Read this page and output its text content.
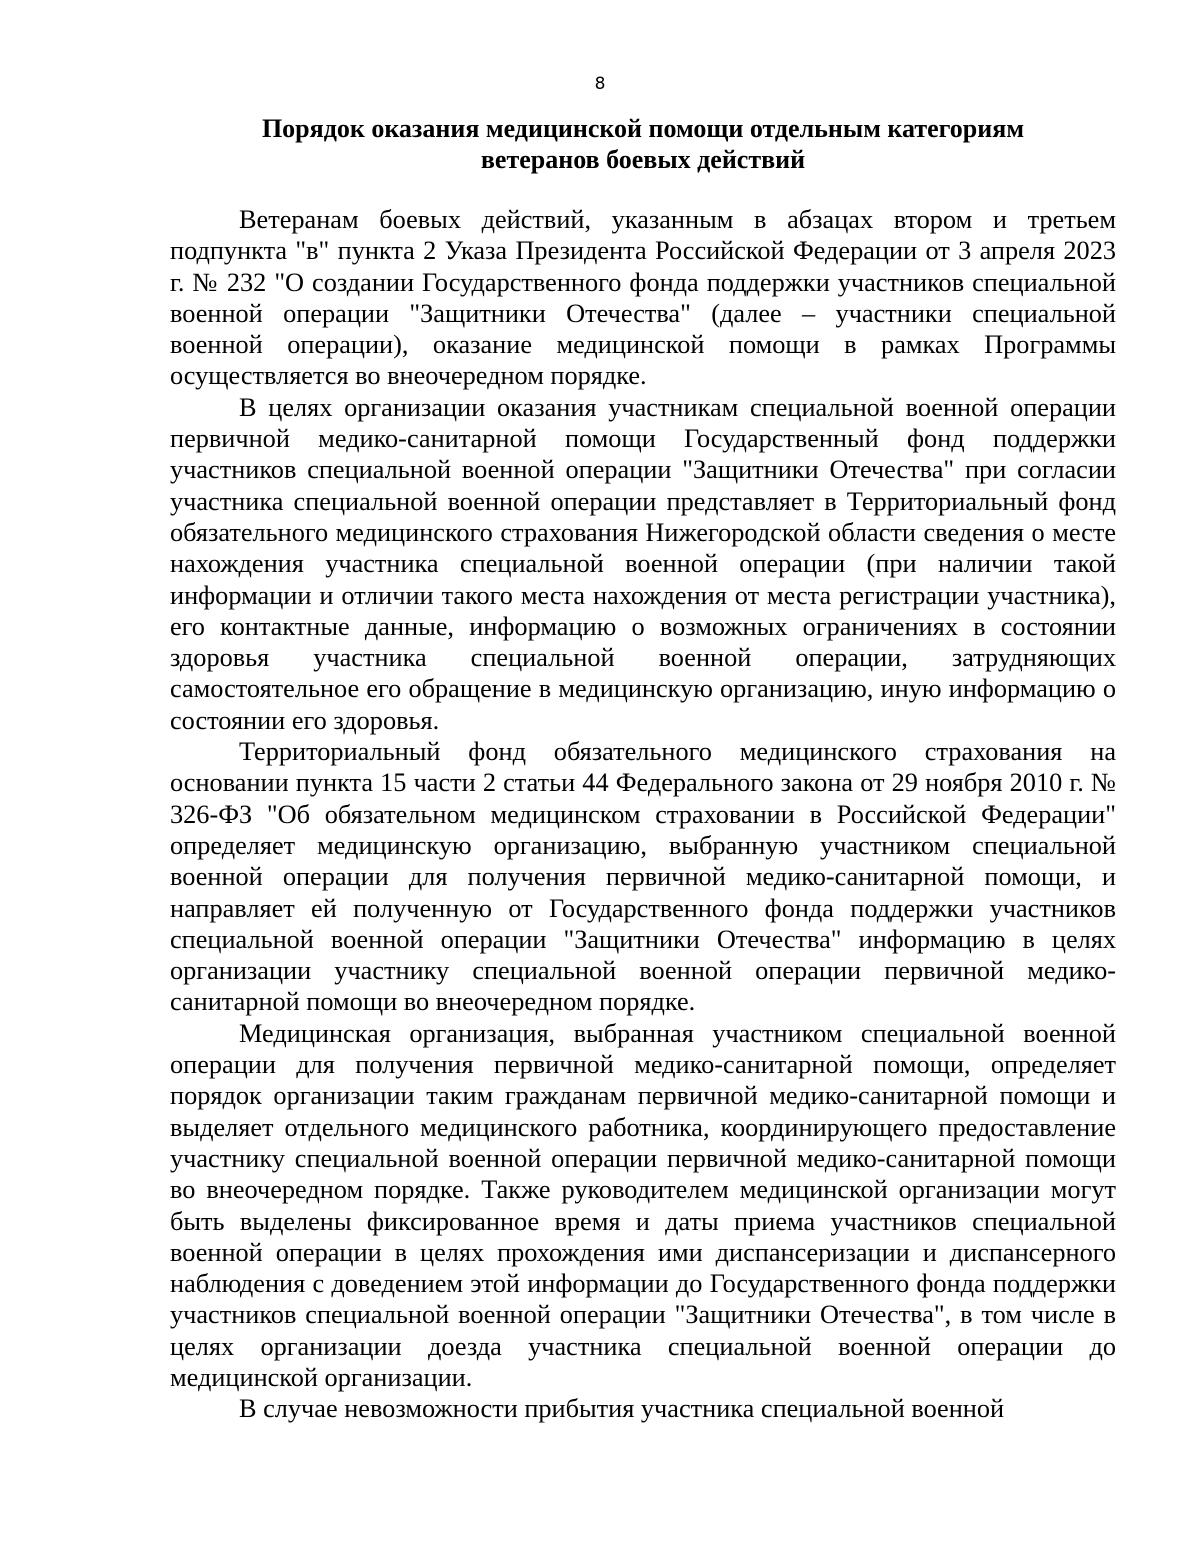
8
Порядок оказания медицинской помощи отдельным категориям
ветеранов боевых действий

Ветеранам боевых действий, указанным в абзацах втором и третьем подпункта "в" пункта 2 Указа Президента Российской Федерации от 3 апреля 2023 г. № 232 "О создании Государственного фонда поддержки участников специальной военной операции "Защитники Отечества" (далее – участники специальной военной операции), оказание медицинской помощи в рамках Программы осуществляется во внеочередном порядке.

В целях организации оказания участникам специальной военной операции первичной медико-санитарной помощи Государственный фонд поддержки участников специальной военной операции "Защитники Отечества" при согласии участника специальной военной операции представляет в Территориальный фонд обязательного медицинского страхования Нижегородской области сведения о месте нахождения участника специальной военной операции (при наличии такой информации и отличии такого места нахождения от места регистрации участника), его контактные данные, информацию о возможных ограничениях в состоянии здоровья участника специальной военной операции, затрудняющих самостоятельное его обращение в медицинскую организацию, иную информацию о состоянии его здоровья.

Территориальный фонд обязательного медицинского страхования на основании пункта 15 части 2 статьи 44 Федерального закона от 29 ноября 2010 г. № 326-ФЗ "Об обязательном медицинском страховании в Российской Федерации" определяет медицинскую организацию, выбранную участником специальной военной операции для получения первичной медико-санитарной помощи, и направляет ей полученную от Государственного фонда поддержки участников специальной военной операции "Защитники Отечества" информацию в целях организации участнику специальной военной операции первичной медико-санитарной помощи во внеочередном порядке.

Медицинская организация, выбранная участником специальной военной операции для получения первичной медико-санитарной помощи, определяет порядок организации таким гражданам первичной медико-санитарной помощи и выделяет отдельного медицинского работника, координирующего предоставление участнику специальной военной операции первичной медико-санитарной помощи во внеочередном порядке. Также руководителем медицинской организации могут быть выделены фиксированное время и даты приема участников специальной военной операции в целях прохождения ими диспансеризации и диспансерного наблюдения с доведением этой информации до Государственного фонда поддержки участников специальной военной операции "Защитники Отечества", в том числе в целях организации доезда участника специальной военной операции до медицинской организации.

В случае невозможности прибытия участника специальной военной
